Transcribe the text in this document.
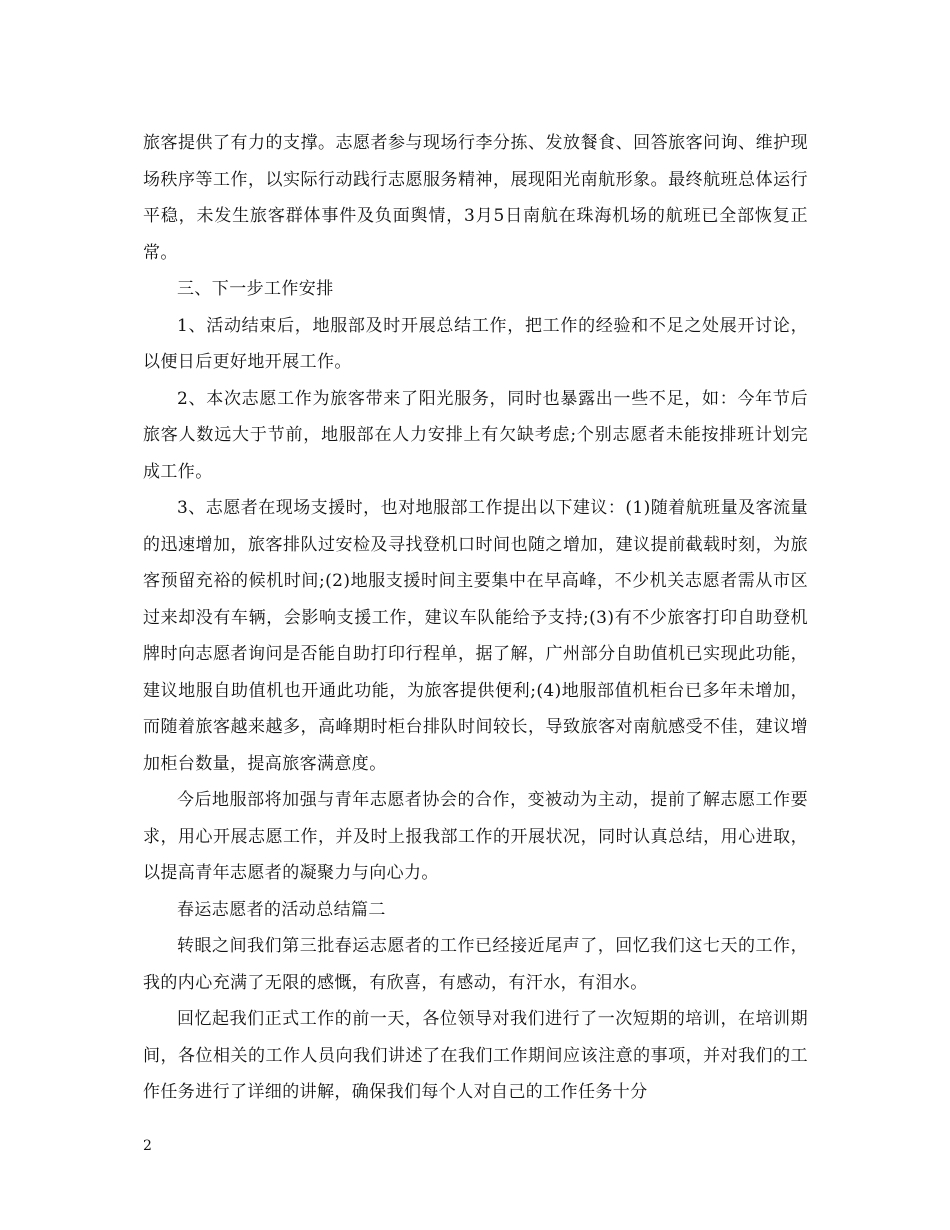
旅客提供了有力的支撑。志愿者参与现场行李分拣、发放餐食、回答旅客问询、维护现场秩序等工作，以实际行动践行志愿服务精神，展现阳光南航形象。最终航班总体运行平稳，未发生旅客群体事件及负面舆情，3月5日南航在珠海机场的航班已全部恢复正常。

三、下一步工作安排

1、活动结束后，地服部及时开展总结工作，把工作的经验和不足之处展开讨论，以便日后更好地开展工作。

2、本次志愿工作为旅客带来了阳光服务，同时也暴露出一些不足，如：今年节后旅客人数远大于节前，地服部在人力安排上有欠缺考虑;个别志愿者未能按排班计划完成工作。

3、志愿者在现场支援时，也对地服部工作提出以下建议：(1)随着航班量及客流量的迅速增加，旅客排队过安检及寻找登机口时间也随之增加，建议提前截载时刻，为旅客预留充裕的候机时间;(2)地服支援时间主要集中在早高峰，不少机关志愿者需从市区过来却没有车辆，会影响支援工作，建议车队能给予支持;(3)有不少旅客打印自助登机牌时向志愿者询问是否能自助打印行程单，据了解，广州部分自助值机已实现此功能，建议地服自助值机也开通此功能，为旅客提供便利;(4)地服部值机柜台已多年未增加，而随着旅客越来越多，高峰期时柜台排队时间较长，导致旅客对南航感受不佳，建议增加柜台数量，提高旅客满意度。

今后地服部将加强与青年志愿者协会的合作，变被动为主动，提前了解志愿工作要求，用心开展志愿工作，并及时上报我部工作的开展状况，同时认真总结，用心进取，以提高青年志愿者的凝聚力与向心力。

春运志愿者的活动总结篇二

转眼之间我们第三批春运志愿者的工作已经接近尾声了，回忆我们这七天的工作，我的内心充满了无限的感慨，有欣喜，有感动，有汗水，有泪水。

回忆起我们正式工作的前一天，各位领导对我们进行了一次短期的培训，在培训期间，各位相关的工作人员向我们讲述了在我们工作期间应该注意的事项，并对我们的工作任务进行了详细的讲解，确保我们每个人对自己的工作任务十分

2
